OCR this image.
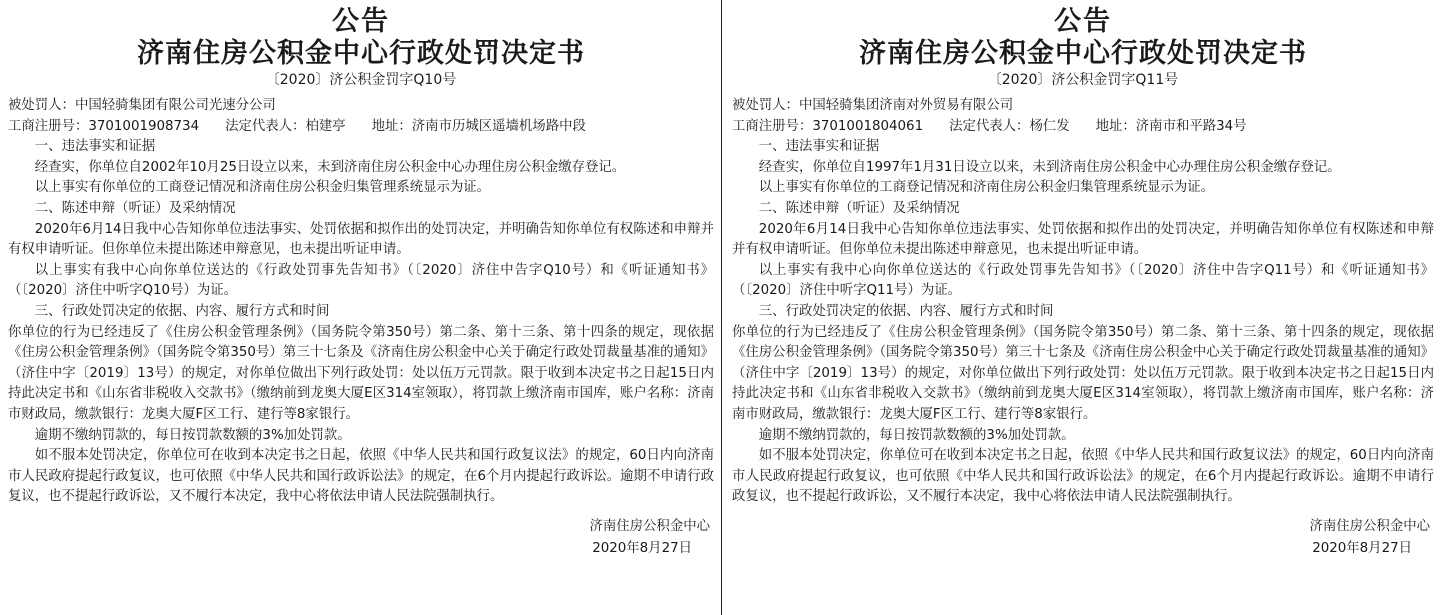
公告
济南住房公积金中心行政处罚决定书
〔2020〕济公积金罚字Q10号
被处罚人：中国轻骑集团有限公司光速分公司
工商注册号：3701001908734 法定代表人：柏建亭 地址：济南市历城区遥墙机场路中段

一、违法事实和证据

经查实，你单位自2002年10月25日设立以来，未到济南住房公积金中心办理住房公积金缴存登记。

以上事实有你单位的工商登记情况和济南住房公积金归集管理系统显示为证。

二、陈述申辩（听证）及采纳情况

2020年6月14日我中心告知你单位违法事实、处罚依据和拟作出的处罚决定，并明确告知你单位有权陈述和申辩并有权申请听证。但你单位未提出陈述申辩意见，也未提出听证申请。

以上事实有我中心向你单位送达的《行政处罚事先告知书》（〔2020〕济住中告字Q10号）和《听证通知书》（〔2020〕济住中听字Q10号）为证。

三、行政处罚决定的依据、内容、履行方式和时间

你单位的行为已经违反了《住房公积金管理条例》（国务院令第350号）第二条、第十三条、第十四条的规定，现依据《住房公积金管理条例》（国务院令第350号）第三十七条及《济南住房公积金中心关于确定行政处罚裁量基准的通知》（济住中字〔2019〕13号）的规定，对你单位做出下列行政处罚：处以伍万元罚款。限于收到本决定书之日起15日内持此决定书和《山东省非税收入交款书》（缴纳前到龙奥大厦E区314室领取），将罚款上缴济南市国库，账户名称：济南市财政局，缴款银行：龙奥大厦F区工行、建行等8家银行。

逾期不缴纳罚款的，每日按罚款数额的3%加处罚款。

如不服本处罚决定，你单位可在收到本决定书之日起，依照《中华人民共和国行政复议法》的规定，60日内向济南市人民政府提起行政复议，也可依照《中华人民共和国行政诉讼法》的规定，在6个月内提起行政诉讼。逾期不申请行政复议，也不提起行政诉讼，又不履行本决定，我中心将依法申请人民法院强制执行。

济南住房公积金中心
2020年8月27日
公告
济南住房公积金中心行政处罚决定书
〔2020〕济公积金罚字Q11号
被处罚人：中国轻骑集团济南对外贸易有限公司
工商注册号：3701001804061 法定代表人：杨仁发 地址：济南市和平路34号

一、违法事实和证据

经查实，你单位自1997年1月31日设立以来，未到济南住房公积金中心办理住房公积金缴存登记。

以上事实有你单位的工商登记情况和济南住房公积金归集管理系统显示为证。

二、陈述申辩（听证）及采纳情况

2020年6月14日我中心告知你单位违法事实、处罚依据和拟作出的处罚决定，并明确告知你单位有权陈述和申辩并有权申请听证。但你单位未提出陈述申辩意见，也未提出听证申请。

以上事实有我中心向你单位送达的《行政处罚事先告知书》（〔2020〕济住中告字Q11号）和《听证通知书》（〔2020〕济住中听字Q11号）为证。

三、行政处罚决定的依据、内容、履行方式和时间

你单位的行为已经违反了《住房公积金管理条例》（国务院令第350号）第二条、第十三条、第十四条的规定，现依据《住房公积金管理条例》（国务院令第350号）第三十七条及《济南住房公积金中心关于确定行政处罚裁量基准的通知》（济住中字〔2019〕13号）的规定，对你单位做出下列行政处罚：处以伍万元罚款。限于收到本决定书之日起15日内持此决定书和《山东省非税收入交款书》（缴纳前到龙奥大厦E区314室领取），将罚款上缴济南市国库，账户名称：济南市财政局，缴款银行：龙奥大厦F区工行、建行等8家银行。

逾期不缴纳罚款的，每日按罚款数额的3%加处罚款。

如不服本处罚决定，你单位可在收到本决定书之日起，依照《中华人民共和国行政复议法》的规定，60日内向济南市人民政府提起行政复议，也可依照《中华人民共和国行政诉讼法》的规定，在6个月内提起行政诉讼。逾期不申请行政复议，也不提起行政诉讼，又不履行本决定，我中心将依法申请人民法院强制执行。

济南住房公积金中心
2020年8月27日
